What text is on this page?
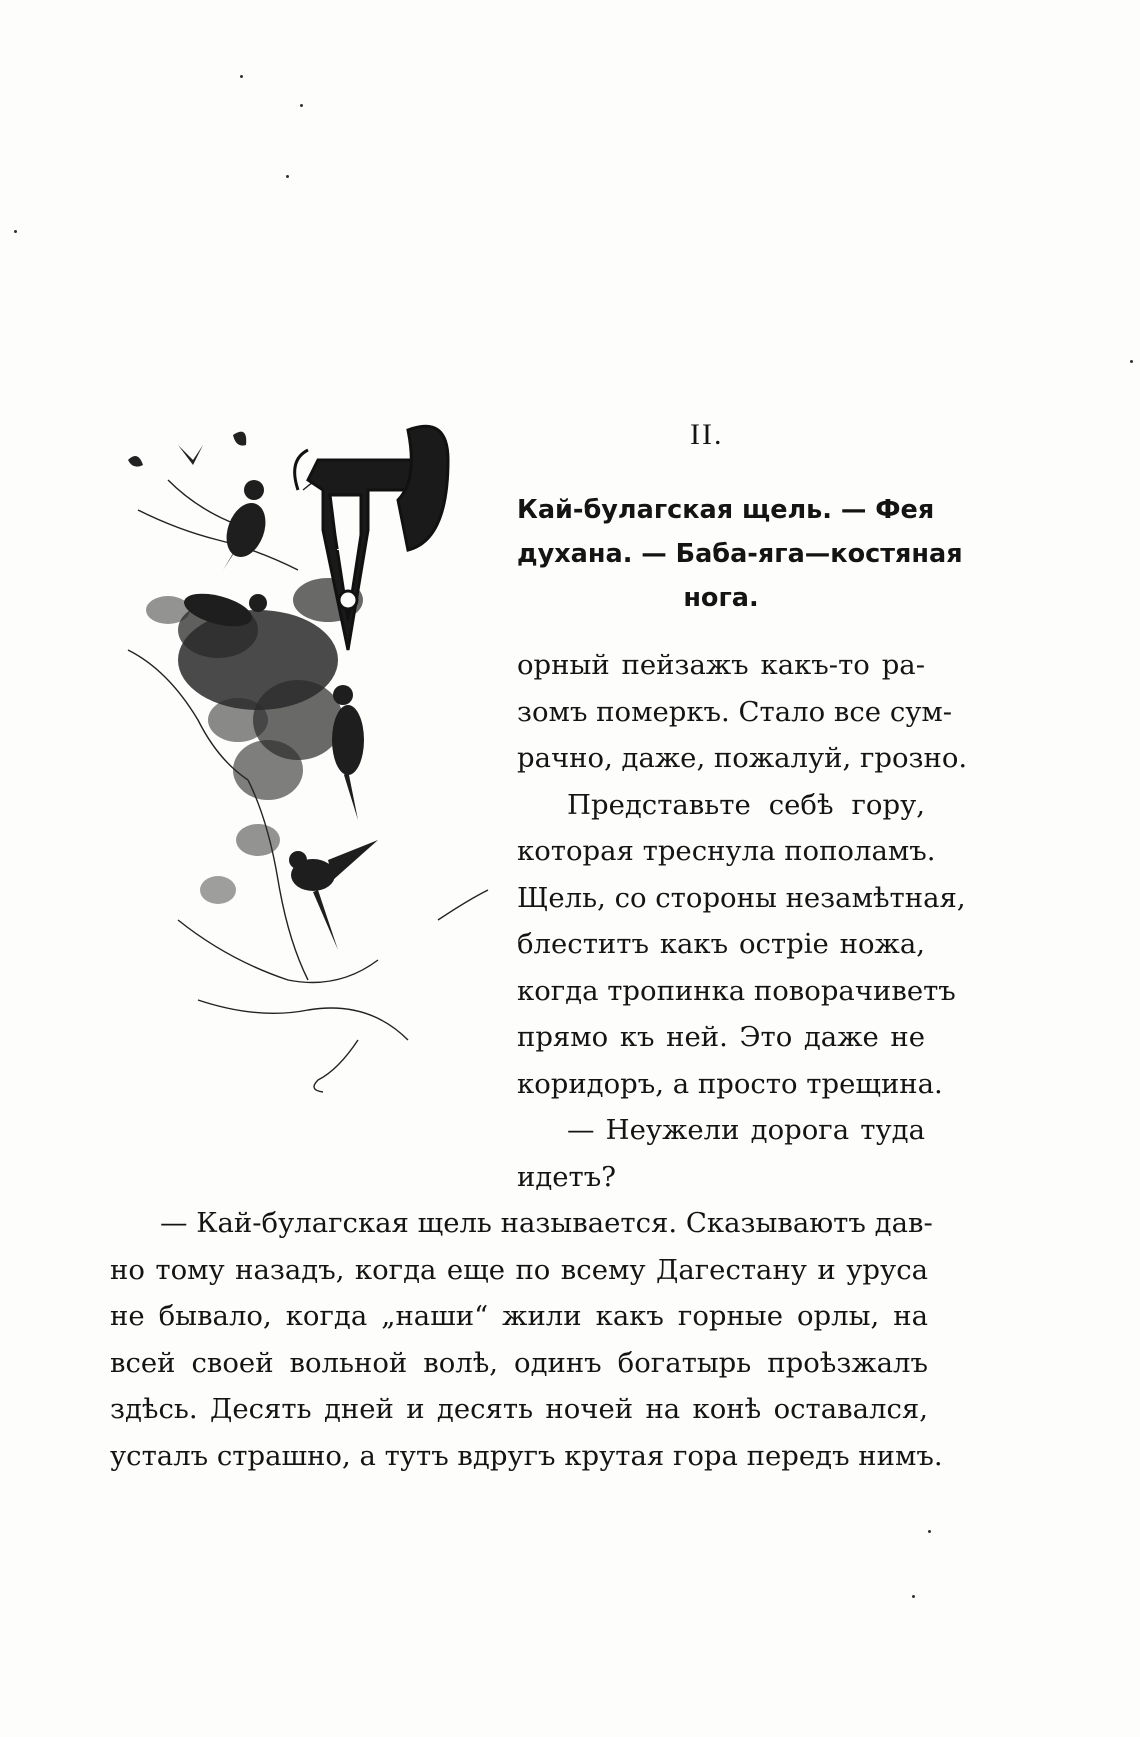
Г
II.
Кай-булагская щель. — Фея
духана. — Баба-яга—костяная
нога.
орный пейзажъ какъ-то ра-
зомъ померкъ. Стало все сум-
рачно, даже, пожалуй, грозно.
Представьте себѣ гору,
которая треснула пополамъ.
Щель, со стороны незамѣтная,
блеститъ какъ остріе ножа,
когда тропинка поворачиветъ
прямо къ ней. Это даже не
коридоръ, а просто трещина.
— Неужели дорога туда
идетъ?
— Кай-булагская щель называется. Сказываютъ дав-
но тому назадъ, когда еще по всему Дагестану и уруса
не бывало, когда „наши“ жили какъ горные орлы, на
всей своей вольной волѣ, одинъ богатырь проѣзжалъ
здѣсь. Десять дней и десять ночей на конѣ оставался,
усталъ страшно, а тутъ вдругъ крутая гора передъ нимъ.
